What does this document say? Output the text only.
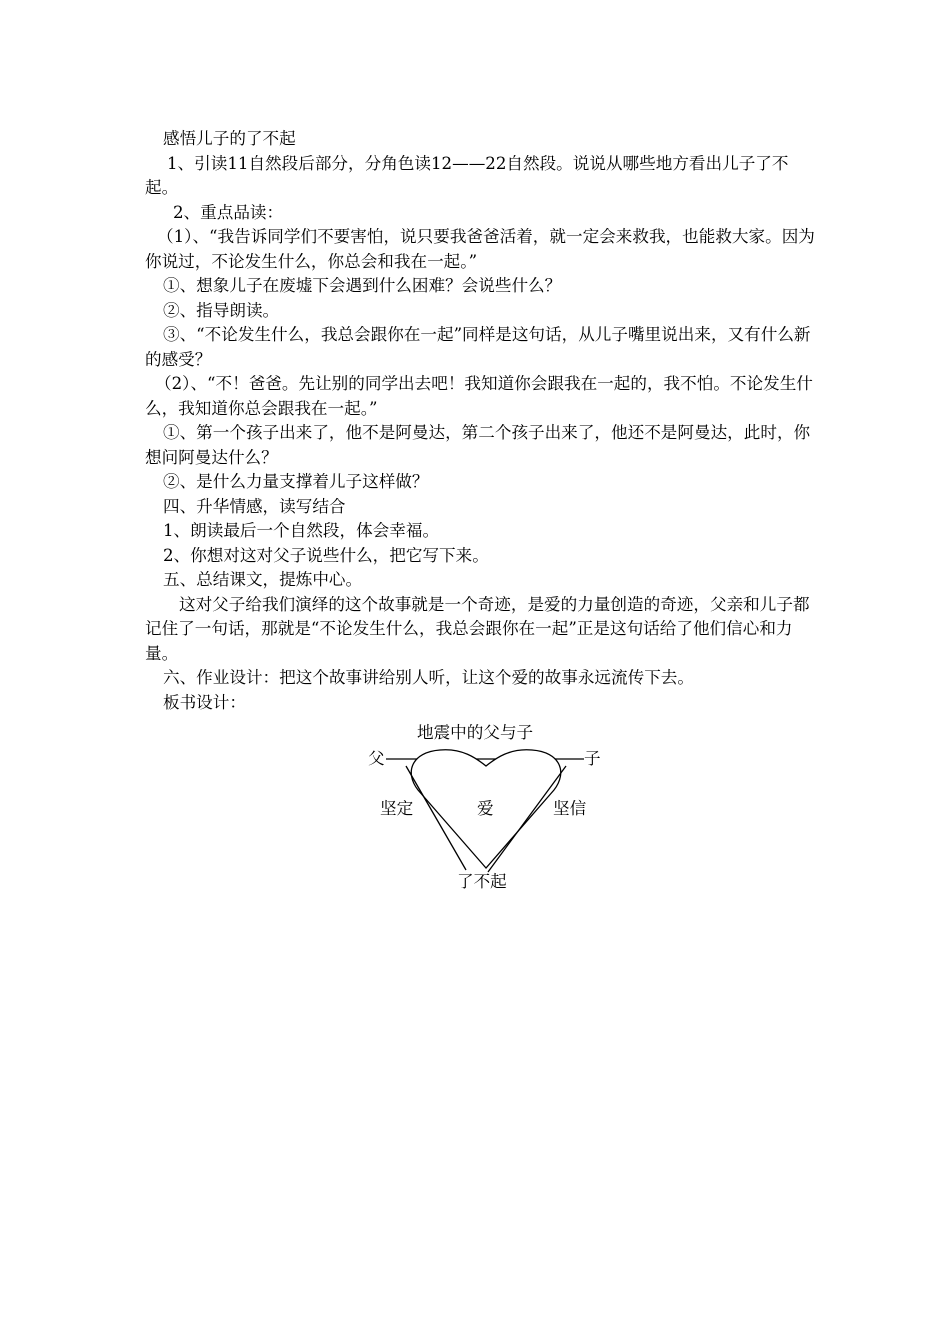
感悟儿子的了不起

1、引读11自然段后部分，分角色读12——22自然段。说说从哪些地方看出儿子了不起。

2、重点品读：

（1）、“我告诉同学们不要害怕，说只要我爸爸活着，就一定会来救我，也能救大家。因为你说过，不论发生什么，你总会和我在一起。”

①、想象儿子在废墟下会遇到什么困难？会说些什么？

②、指导朗读。

③、“不论发生什么，我总会跟你在一起”同样是这句话，从儿子嘴里说出来，又有什么新的感受？

（2）、“不！爸爸。先让别的同学出去吧！我知道你会跟我在一起的，我不怕。不论发生什么，我知道你总会跟我在一起。”

①、第一个孩子出来了，他不是阿曼达，第二个孩子出来了，他还不是阿曼达，此时，你想问阿曼达什么？

②、是什么力量支撑着儿子这样做？

四、升华情感，读写结合

1、朗读最后一个自然段，体会幸福。

2、你想对这对父子说些什么，把它写下来。

五、总结课文，提炼中心。

这对父子给我们演绎的这个故事就是一个奇迹，是爱的力量创造的奇迹，父亲和儿子都记住了一句话，那就是“不论发生什么，我总会跟你在一起”正是这句话给了他们信心和力量。

六、作业设计：把这个故事讲给别人听，让这个爱的故事永远流传下去。

板书设计：

地震中的父与子
父	子
坚定	爱	坚信
了不起
